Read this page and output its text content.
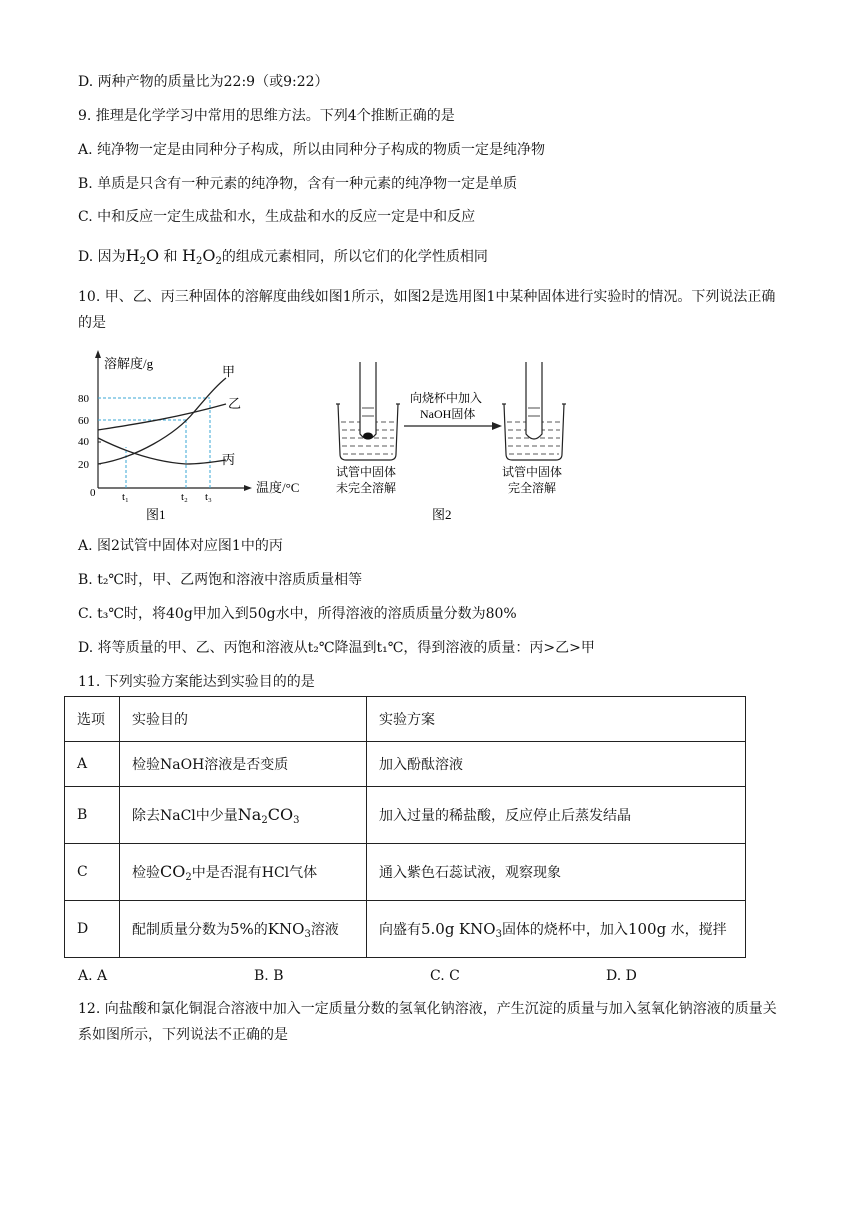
D. 两种产物的质量比为22:9（或9:22）
9. 推理是化学学习中常用的思维方法。下列4个推断正确的是
A. 纯净物一定是由同种分子构成，所以由同种分子构成的物质一定是纯净物
B. 单质是只含有一种元素的纯净物，含有一种元素的纯净物一定是单质
C. 中和反应一定生成盐和水，生成盐和水的反应一定是中和反应
D. 因为$H_2O$ 和 $H_2O_2$的组成元素相同，所以它们的化学性质相同
10. 甲、乙、丙三种固体的溶解度曲线如图1所示，如图2是选用图1中某种固体进行实验时的情况。下列说法正确的是
溶解度/g
温度/°C
0
80
60
40
20
t₁	t₂ t₃
甲
乙
丙
图1
试管中固体
未完全溶解
向烧杯中加入
NaOH固体
试管中固体
完全溶解
图2
A. 图2试管中固体对应图1中的丙
B. t₂℃时，甲、乙两饱和溶液中溶质质量相等
C. t₃℃时，将40g甲加入到50g水中，所得溶液的溶质质量分数为80%
D. 将等质量的甲、乙、丙饱和溶液从t₂℃降温到t₁℃，得到溶液的质量：丙>乙>甲
11. 下列实验方案能达到实验目的的是
选项	实验目的	实验方案
A	检验NaOH溶液是否变质	加入酚酞溶液
B	除去NaCl中少量$Na_2CO_3$	加入过量的稀盐酸，反应停止后蒸发结晶
C	检验$CO_2$中是否混有HCl气体	通入紫色石蕊试液，观察现象
D	配制质量分数为5%的$KNO_3$溶液	向盛有5.0g $KNO_3$固体的烧杯中，加入100g 水，搅拌
A. A	B. B	C. C	D. D
12. 向盐酸和氯化铜混合溶液中加入一定质量分数的氢氧化钠溶液，产生沉淀的质量与加入氢氧化钠溶液的质量关系如图所示，下列说法不正确的是
